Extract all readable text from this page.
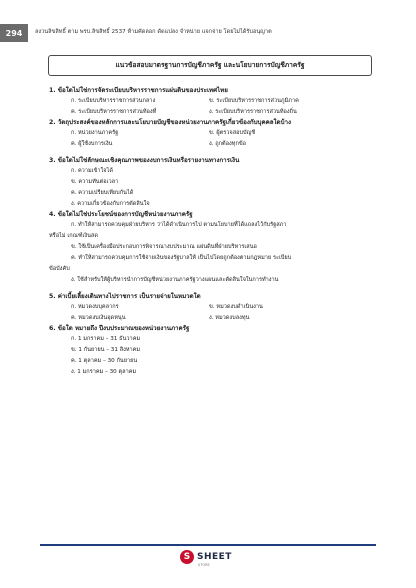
294	ลงวนลิขสิทธิ์ ตาม พรบ.ลิขสิทธิ์ 2537 ห้ามคัดลอก ดัดแปลง จำหน่าย แจกจ่าย โดยไม่ได้รับอนุญาต
แนวข้อสอบมาตรฐานการบัญชีภาครัฐ และนโยบายการบัญชีภาครัฐ
1. ข้อใดไม่ใช่การจัดระเบียบบริหารราชการแผ่นดินของประเทศไทย
ก. ระเบียบบริหารราชการส่วนกลาง	ข. ระเบียบบริหารราชการส่วนภูมิภาค
ค. ระเบียบบริหารราชการส่วนท้องที่	ง. ระเบียบบริหารราชการส่วนท้องถิ่น
2. วัตถุประสงค์ของหลักการและนโยบายบัญชีของหน่วยงานภาครัฐเกี่ยวข้องกับบุคคลใดบ้าง
ก. หน่วยงานภาครัฐ	ข. ผู้ตรวจสอบบัญชี
ค. ผู้ใช้งบการเงิน	ง. ถูกต้องทุกข้อ
3. ข้อใดไม่ใช่ลักษณะเชิงคุณภาพของงบการเงินหรือรายงานทางการเงิน
ก. ความเข้าใจได้
ข. ความทันต่อเวลา
ค. ความเปรียบเทียบกันได้
ง. ความเกี่ยวข้องกับการตัดสินใจ
4. ข้อใดไม่ใช่ประโยชน์ของการบัญชีหน่วยงานภาครัฐ
ก. ทำให้สามารถควบคุมฝ่ายบริหาร ว่าได้ดำเนินการไป ตามนโยบายที่ได้แถลงไว้กับรัฐสภา
หรือไม่ เกณฑ์เงินสด
ข. ใช้เป็นเครื่องมือประกอบการพิจารณางบประมาณ แผ่นดินที่ฝ่ายบริหารเสนอ
ค. ทำให้สามารถควบคุมการใช้จ่ายเงินของรัฐบาลให้ เป็นไปโดยถูกต้องตามกฎหมาย ระเบียบ
ข้อบังคับ
ง. ใช้สำหรับให้ผู้บริหารนำการบัญชีหน่วยงานภาครัฐวางแผนและตัดสินใจในการทำงาน
5. ค่าเบี้ยเลี้ยงเดินทางไปราชการ เป็นรายจ่ายในหมวดใด
ก. หมวดงบบุคลากร	ข. หมวดงบดำเนินงาน
ค. หมวดงบเงินอุดหนุน	ง. หมวดงบลงทุน
6. ข้อใด หมายถึง ปีงบประมาณของหน่วยงานภาครัฐ
ก. 1 มกราคม – 31 ธันวาคม
ข. 1 กันยายน – 31 สิงหาคม
ค. 1 ตุลาคม – 30 กันยายน
ง. 1 มกราคม – 30 ตุลาคม
S SHEET
STORE
